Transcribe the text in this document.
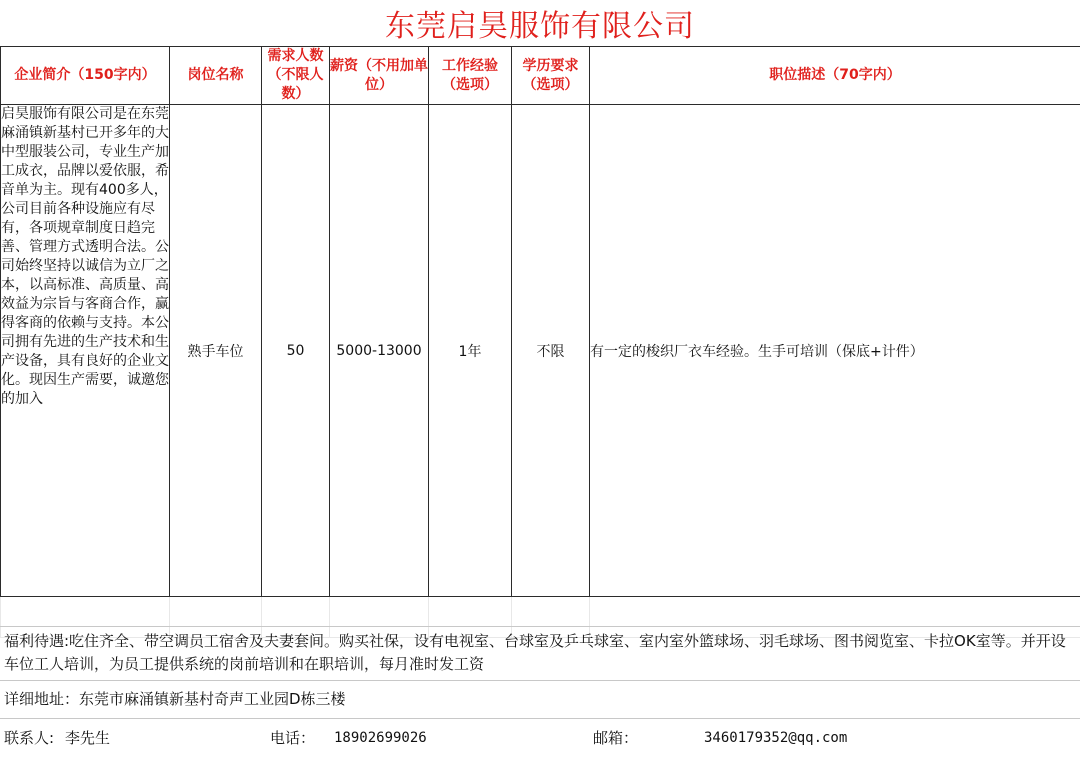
东莞启昊服饰有限公司
企业简介（150字内）	岗位名称	需求人数（不限人数）	薪资（不用加单位）	工作经验（选项）	学历要求（选项）	职位描述（70字内）
启昊服饰有限公司是在东莞麻涌镇新基村已开多年的大中型服装公司，专业生产加工成衣，品牌以爱依服，希音单为主。现有400多人，公司目前各种设施应有尽有，各项规章制度日趋完善、管理方式透明合法。公司始终坚持以诚信为立厂之本，以高标准、高质量、高效益为宗旨与客商合作，赢得客商的依赖与支持。本公司拥有先进的生产技术和生产设备，具有良好的企业文化。现因生产需要，诚邀您的加入	熟手车位	50	5000-13000	1年	不限	有一定的梭织厂衣车经验。生手可培训（保底+计件）

福利待遇:吃住齐全、带空调员工宿舍及夫妻套间。购买社保，设有电视室、台球室及乒乓球室、室内室外篮球场、羽毛球场、图书阅览室、卡拉OK室等。并开设车位工人培训，为员工提供系统的岗前培训和在职培训，每月准时发工资
详细地址：东莞市麻涌镇新基村奇声工业园D栋三楼
联系人: 李先生	电话： 18902699026	邮箱：	3460179352@qq.com
